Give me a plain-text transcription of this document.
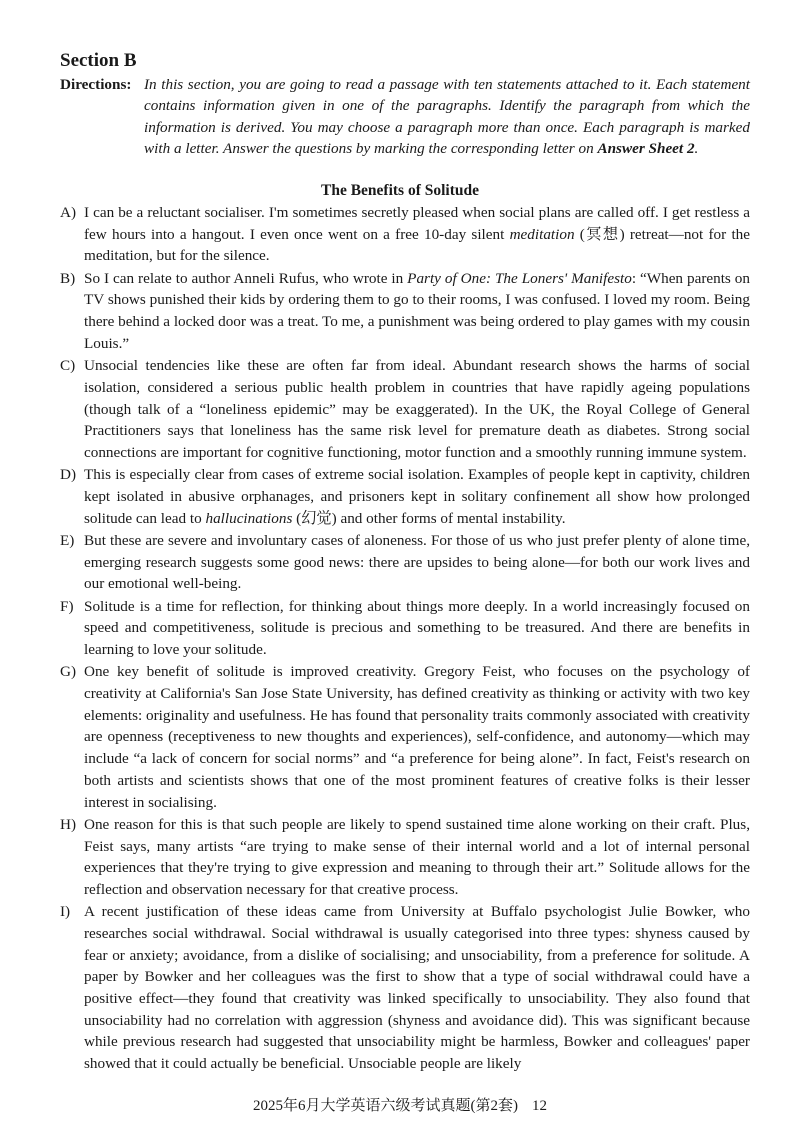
Section B
Directions: In this section, you are going to read a passage with ten statements attached to it. Each statement contains information given in one of the paragraphs. Identify the paragraph from which the information is derived. You may choose a paragraph more than once. Each paragraph is marked with a letter. Answer the questions by marking the corresponding letter on Answer Sheet 2.
The Benefits of Solitude
A) I can be a reluctant socialiser. I'm sometimes secretly pleased when social plans are called off. I get restless a few hours into a hangout. I even once went on a free 10-day silent meditation (冥想) retreat—not for the meditation, but for the silence.
B) So I can relate to author Anneli Rufus, who wrote in Party of One: The Loners' Manifesto: “When parents on TV shows punished their kids by ordering them to go to their rooms, I was confused. I loved my room. Being there behind a locked door was a treat. To me, a punishment was being ordered to play games with my cousin Louis.”
C) Unsocial tendencies like these are often far from ideal. Abundant research shows the harms of social isolation, considered a serious public health problem in countries that have rapidly ageing populations (though talk of a “loneliness epidemic” may be exaggerated). In the UK, the Royal College of General Practitioners says that loneliness has the same risk level for premature death as diabetes. Strong social connections are important for cognitive functioning, motor function and a smoothly running immune system.
D) This is especially clear from cases of extreme social isolation. Examples of people kept in captivity, children kept isolated in abusive orphanages, and prisoners kept in solitary confinement all show how prolonged solitude can lead to hallucinations (幻觉) and other forms of mental instability.
E) But these are severe and involuntary cases of aloneness. For those of us who just prefer plenty of alone time, emerging research suggests some good news: there are upsides to being alone—for both our work lives and our emotional well-being.
F) Solitude is a time for reflection, for thinking about things more deeply. In a world increasingly focused on speed and competitiveness, solitude is precious and something to be treasured. And there are benefits in learning to love your solitude.
G) One key benefit of solitude is improved creativity. Gregory Feist, who focuses on the psychology of creativity at California's San Jose State University, has defined creativity as thinking or activity with two key elements: originality and usefulness. He has found that personality traits commonly associated with creativity are openness (receptiveness to new thoughts and experiences), self-confidence, and autonomy—which may include “a lack of concern for social norms” and “a preference for being alone”. In fact, Feist's research on both artists and scientists shows that one of the most prominent features of creative folks is their lesser interest in socialising.
H) One reason for this is that such people are likely to spend sustained time alone working on their craft. Plus, Feist says, many artists “are trying to make sense of their internal world and a lot of internal personal experiences that they're trying to give expression and meaning to through their art.” Solitude allows for the reflection and observation necessary for that creative process.
I) A recent justification of these ideas came from University at Buffalo psychologist Julie Bowker, who researches social withdrawal. Social withdrawal is usually categorised into three types: shyness caused by fear or anxiety; avoidance, from a dislike of socialising; and unsociability, from a preference for solitude. A paper by Bowker and her colleagues was the first to show that a type of social withdrawal could have a positive effect—they found that creativity was linked specifically to unsociability. They also found that unsociability had no correlation with aggression (shyness and avoidance did). This was significant because while previous research had suggested that unsociability might be harmless, Bowker and colleagues' paper showed that it could actually be beneficial. Unsociable people are likely
2025年6月大学英语六级考试真题(第2套) 12
